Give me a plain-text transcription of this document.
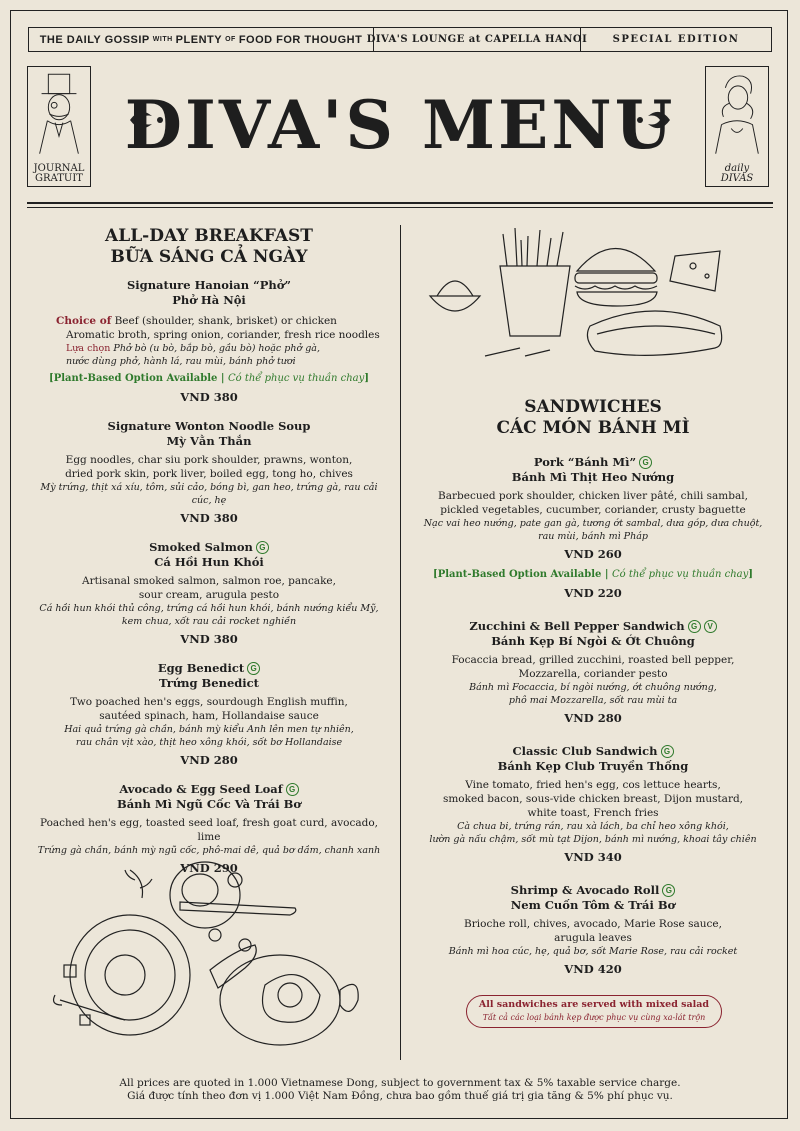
THE DAILY GOSSIP WITH PLENTY OF FOOD FOR THOUGHT DIVA'S LOUNGE at CAPELLA HANOI	SPECIAL EDITION
JOURNAL
GRATUIT
daily
DIVAS
DIVA'S MENU
ALL-DAY BREAKFAST
BỮA SÁNG CẢ NGÀY
Signature Hanoian “Phở”
Phở Hà Nội
Choice of Beef (shoulder, shank, brisket) or chicken
Aromatic broth, spring onion, coriander, fresh rice noodles
Lựa chọn Phở bò (u bò, bắp bò, gầu bò) hoặc phở gà,
nước dùng phở, hành lá, rau mùi, bánh phở tươi
[Plant-Based Option Available | Có thể phục vụ thuần chay]
VND 380
Signature Wonton Noodle Soup
Mỳ Vằn Thắn
Egg noodles, char siu pork shoulder, prawns, wonton,
dried pork skin, pork liver, boiled egg, tong ho, chives
Mỳ trứng, thịt xá xíu, tôm, sủi cảo, bóng bì, gan heo, trứng gà, rau cải cúc, hẹ
VND 380
Smoked Salmon G
Cá Hồi Hun Khói
Artisanal smoked salmon, salmon roe, pancake,
sour cream, arugula pesto
Cá hồi hun khói thủ công, trứng cá hồi hun khói, bánh nướng kiểu Mỹ,
kem chua, xốt rau cải rocket nghiền
VND 380
Egg Benedict G
Trứng Benedict
Two poached hen's eggs, sourdough English muffin,
sautéed spinach, ham, Hollandaise sauce
Hai quả trứng gà chần, bánh mỳ kiểu Anh lên men tự nhiên,
rau chân vịt xào, thịt heo xông khói, sốt bơ Hollandaise
VND 280
Avocado & Egg Seed Loaf G
Bánh Mì Ngũ Cốc Và Trái Bơ
Poached hen's egg, toasted seed loaf, fresh goat curd, avocado, lime
Trứng gà chần, bánh mỳ ngũ cốc, phô-mai dê, quả bơ dầm, chanh xanh
VND 290
SANDWICHES
CÁC MÓN BÁNH MÌ
Pork “Bánh Mì” G
Bánh Mì Thịt Heo Nướng
Barbecued pork shoulder, chicken liver pâté, chili sambal,
pickled vegetables, cucumber, coriander, crusty baguette
Nạc vai heo nướng, pate gan gà, tương ớt sambal, dưa góp, dưa chuột,
rau mùi, bánh mì Pháp
VND 260
[Plant-Based Option Available | Có thể phục vụ thuần chay]
VND 220
Zucchini & Bell Pepper Sandwich G V
Bánh Kẹp Bí Ngòi & Ớt Chuông
Focaccia bread, grilled zucchini, roasted bell pepper,
Mozzarella, coriander pesto
Bánh mì Focaccia, bí ngòi nướng, ớt chuông nướng,
phô mai Mozzarella, sốt rau mùi ta
VND 280
Classic Club Sandwich G
Bánh Kẹp Club Truyền Thống
Vine tomato, fried hen's egg, cos lettuce hearts,
smoked bacon, sous-vide chicken breast, Dijon mustard,
white toast, French fries
Cà chua bi, trứng rán, rau xà lách, ba chỉ heo xông khói,
lườn gà nấu chậm, sốt mù tạt Dijon, bánh mì nướng, khoai tây chiên
VND 340
Shrimp & Avocado Roll G
Nem Cuốn Tôm & Trái Bơ
Brioche roll, chives, avocado, Marie Rose sauce,
arugula leaves
Bánh mì hoa cúc, hẹ, quả bơ, sốt Marie Rose, rau cải rocket
VND 420
All sandwiches are served with mixed salad
Tất cả các loại bánh kẹp được phục vụ cùng xa-lát trộn
All prices are quoted in 1.000 Vietnamese Dong, subject to government tax & 5% taxable service charge.
Giá được tính theo đơn vị 1.000 Việt Nam Đồng, chưa bao gồm thuế giá trị gia tăng & 5% phí phục vụ.
